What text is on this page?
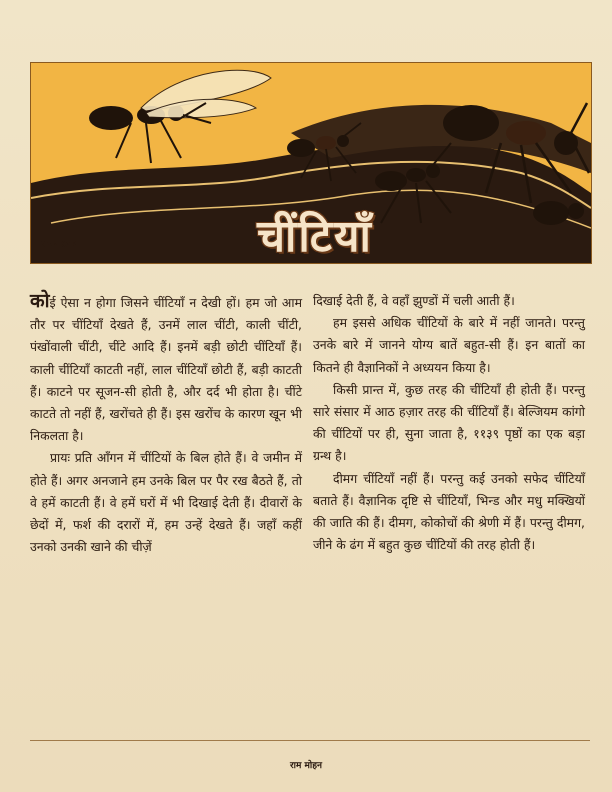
SANKAR	चींटियाँ

कोई ऐसा न होगा जिसने चींटियाँ न देखी हों। हम जो आम तौर पर चींटियाँ देखते हैं, उनमें लाल चींटी, काली चींटी, पंखोंवाली चींटी, चींटे आदि हैं। इनमें बड़ी छोटी चींटियाँ हैं। काली चींटियाँ काटती नहीं, लाल चींटियाँ छोटी हैं, बड़ी काटती हैं। काटने पर सूजन-सी होती है, और दर्द भी होता है। चींटे काटते तो नहीं हैं, खरोंचते ही हैं। इस खरोंच के कारण खून भी निकलता है।

प्रायः प्रति आँगन में चींटियों के बिल होते हैं। वे जमीन में होते हैं। अगर अनजाने हम उनके बिल पर पैर रख बैठते हैं, तो वे हमें काटती हैं। वे हमें घरों में भी दिखाई देती हैं। दीवारों के छेदों में, फर्श की दरारों में, हम उन्हें देखते हैं। जहाँ कहीं उनको उनकी खाने की चीज़ें

दिखाई देती हैं, वे वहाँ झुण्डों में चली आती हैं।

हम इससे अधिक चींटियों के बारे में नहीं जानते। परन्तु उनके बारे में जानने योग्य बातें बहुत-सी हैं। इन बातों का कितने ही वैज्ञानिकों ने अध्ययन किया है।

किसी प्रान्त में, कुछ तरह की चींटियाँ ही होती हैं। परन्तु सारे संसार में आठ हज़ार तरह की चींटियाँ हैं। बेल्जियम कांगो की चींटियों पर ही, सुना जाता है, ११३९ पृष्ठों का एक बड़ा ग्रन्थ है।

दीमग चींटियाँ नहीं हैं। परन्तु कई उनको सफेद चींटियाँ बताते हैं। वैज्ञानिक दृष्टि से चींटियाँ, भिन्ड और मधु मक्खियों की जाति की हैं। दीमग, कोकोचों की श्रेणी में हैं। परन्तु दीमग, जीने के ढंग में बहुत कुछ चींटियों की तरह होती हैं।

राम मोहन
